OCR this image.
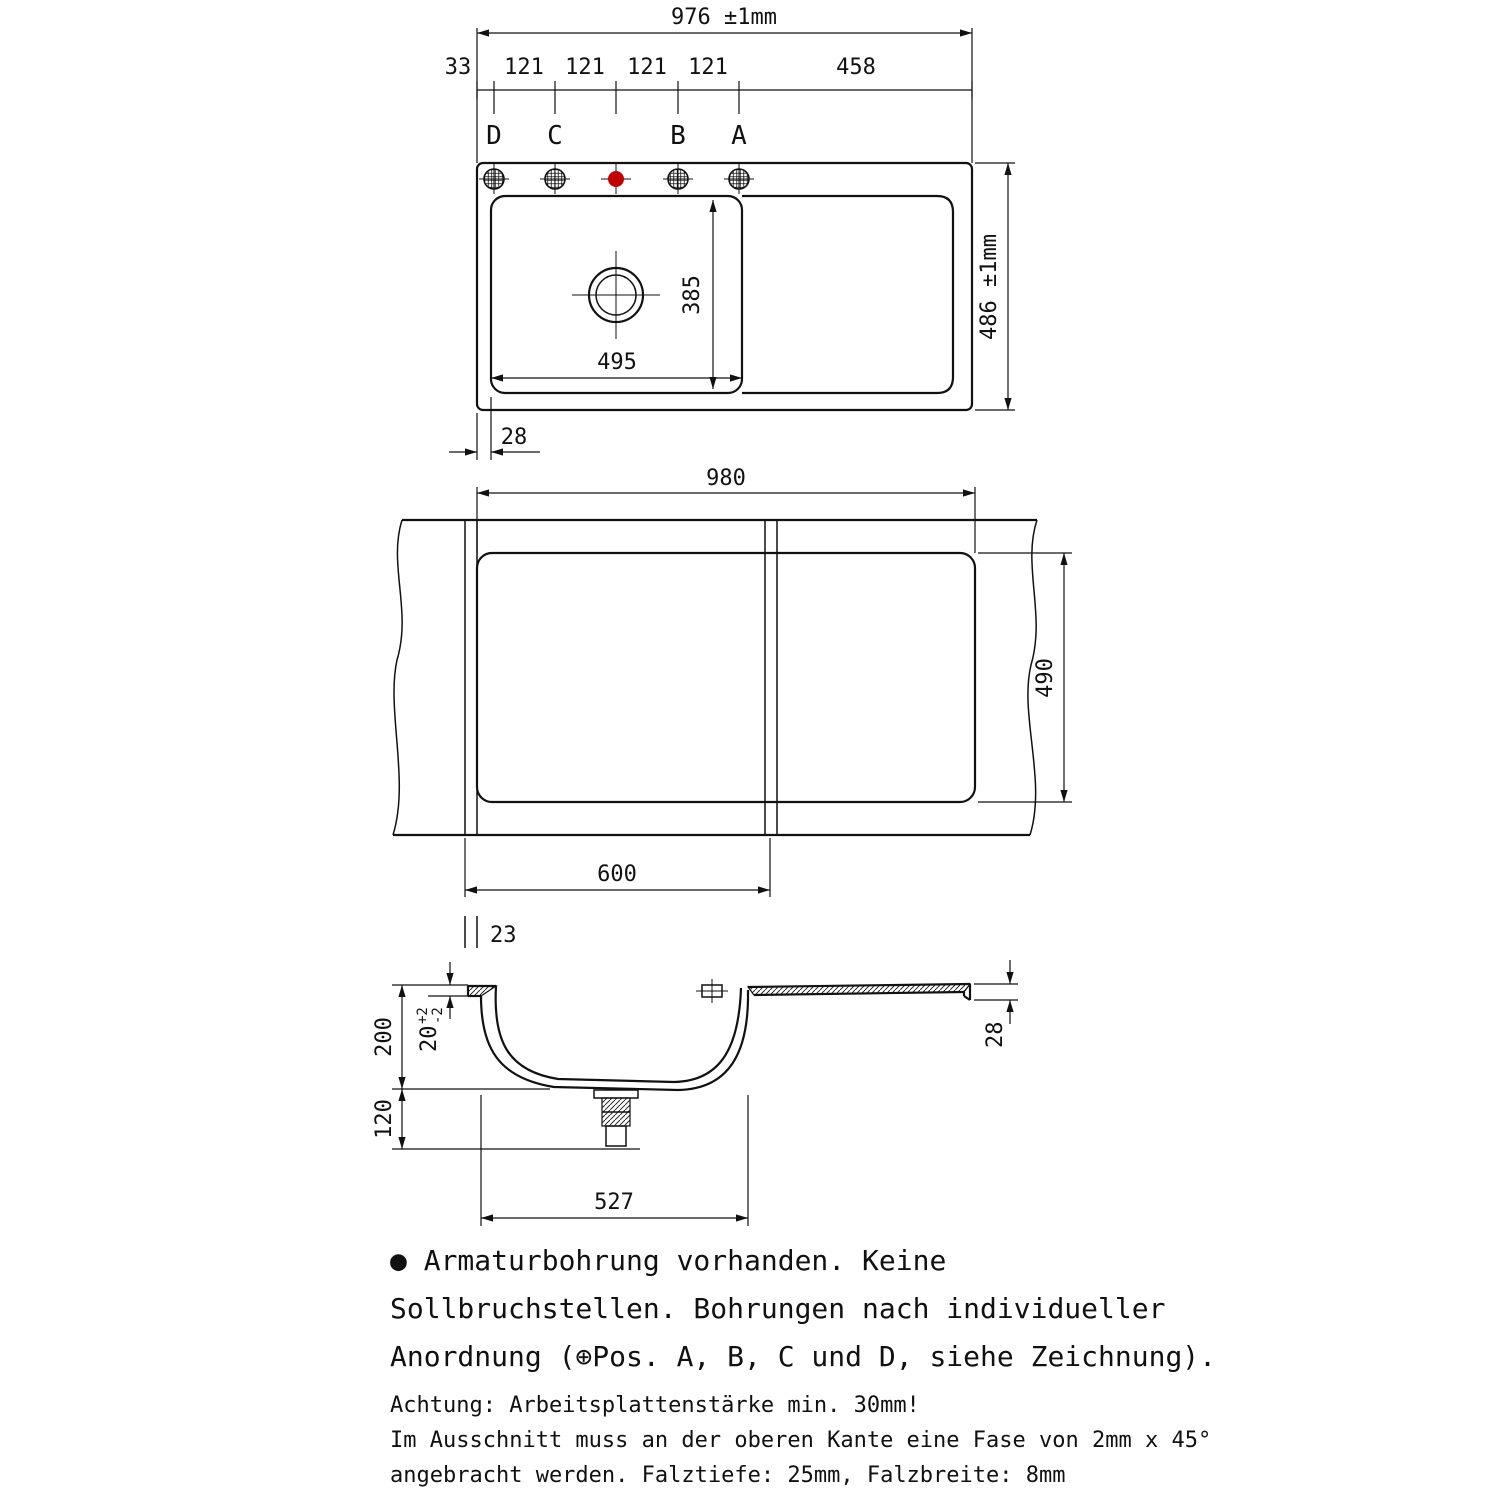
976 ±1mm
33 121 121 121 121	458
D C	B A
385
495
486 ±1mm
28
980
490
600
23
200 20
+2 -2
120
28
527
● Armaturbohrung vorhanden. Keine
Sollbruchstellen. Bohrungen nach individueller
Anordnung (⊕Pos. A, B, C und D, siehe Zeichnung).
Achtung: Arbeitsplattenstärke min. 30mm!
Im Ausschnitt muss an der oberen Kante eine Fase von 2mm x 45°
angebracht werden. Falztiefe: 25mm, Falzbreite: 8mm
